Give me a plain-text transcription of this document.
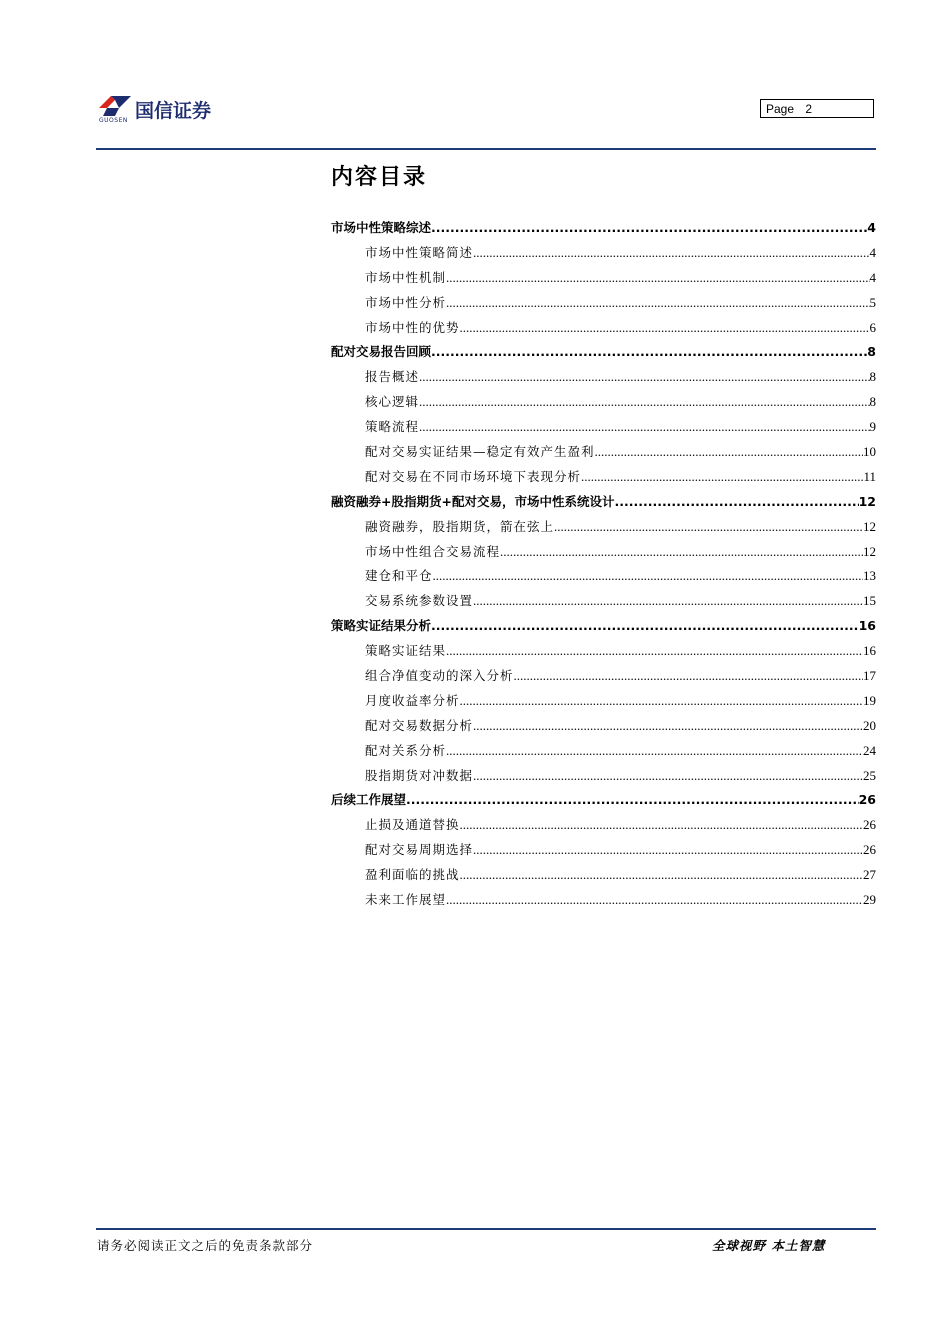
国信证券
GUOSEN
Page 2
内容目录
市场中性策略综述 .....	4
市场中性策略简述 .....	4
市场中性机制 .....	4
市场中性分析 .....	5
市场中性的优势 .....	6
配对交易报告回顾 .....	8
报告概述 .....	8
核心逻辑 .....	8
策略流程 .....	9
配对交易实证结果—稳定有效产生盈利 .....	10
配对交易在不同市场环境下表现分析 .....	11
融资融券+股指期货+配对交易，市场中性系统设计 .....	12
融资融券，股指期货，箭在弦上 .....	12
市场中性组合交易流程 .....	12
建仓和平仓 .....	13
交易系统参数设置 .....	15
策略实证结果分析 .....	16
策略实证结果 .....	16
组合净值变动的深入分析 .....	17
月度收益率分析 .....	19
配对交易数据分析 .....	20
配对关系分析 .....	24
股指期货对冲数据 .....	25
后续工作展望 .....	26
止损及通道替换 .....	26
配对交易周期选择 .....	26
盈利面临的挑战 .....	27
未来工作展望 .....	29
请务必阅读正文之后的免责条款部分	全球视野 本土智慧
